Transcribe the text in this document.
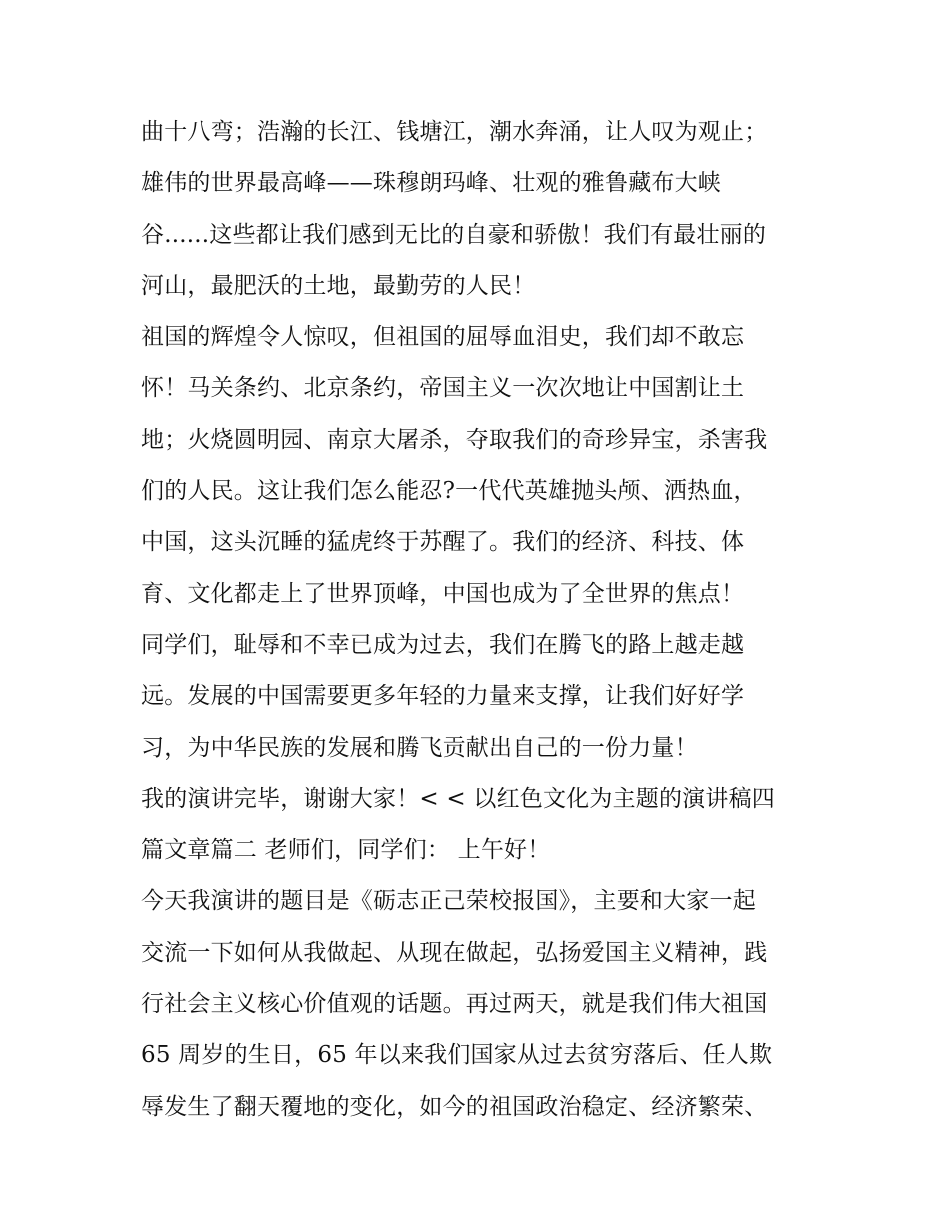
曲十八弯；浩瀚的长江、钱塘江，潮水奔涌，让人叹为观止；
雄伟的世界最高峰——珠穆朗玛峰、壮观的雅鲁藏布大峡
谷......这些都让我们感到无比的自豪和骄傲！我们有最壮丽的
河山，最肥沃的土地，最勤劳的人民！
祖国的辉煌令人惊叹，但祖国的屈辱血泪史，我们却不敢忘
怀！马关条约、北京条约，帝国主义一次次地让中国割让土
地；火烧圆明园、南京大屠杀，夺取我们的奇珍异宝，杀害我
们的人民。这让我们怎么能忍?一代代英雄抛头颅、洒热血，
中国，这头沉睡的猛虎终于苏醒了。我们的经济、科技、体
育、文化都走上了世界顶峰，中国也成为了全世界的焦点！
同学们，耻辱和不幸已成为过去，我们在腾飞的路上越走越
远。发展的中国需要更多年轻的力量来支撑，让我们好好学
习，为中华民族的发展和腾飞贡献出自己的一份力量！
我的演讲完毕，谢谢大家！< < 以红色文化为主题的演讲稿四
篇文章篇二 老师们，同学们： 上午好！
今天我演讲的题目是《砺志正己荣校报国》，主要和大家一起
交流一下如何从我做起、从现在做起，弘扬爱国主义精神，践
行社会主义核心价值观的话题。再过两天，就是我们伟大祖国
65 周岁的生日，65 年以来我们国家从过去贫穷落后、任人欺
辱发生了翻天覆地的变化，如今的祖国政治稳定、经济繁荣、
